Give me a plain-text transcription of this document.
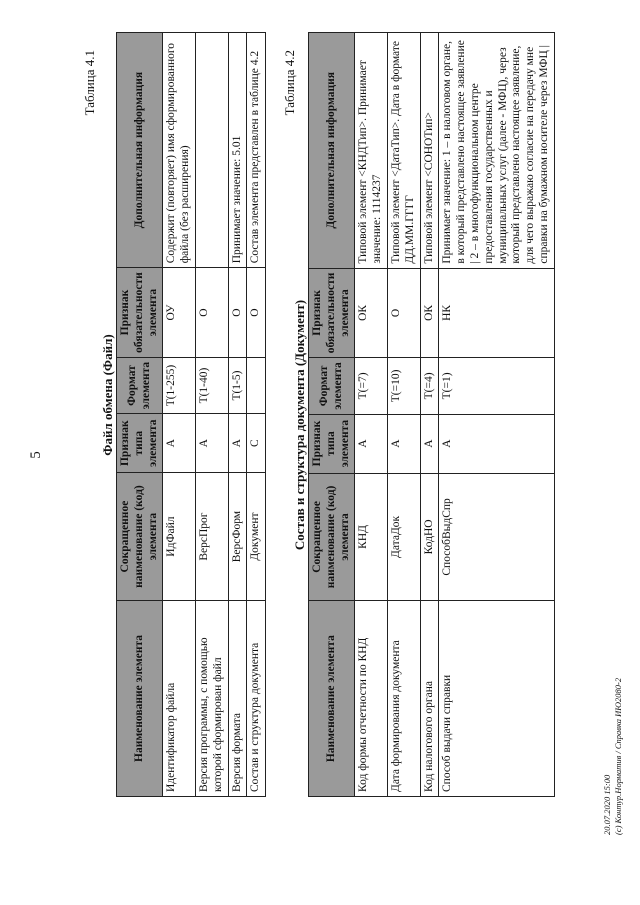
5
Таблица 4.1
Файл обмена (Файл)
Наименование элемента	Сокращенное наименование (код) элемента	Признак типа элемента	Формат элемента	Признак обязательности элемента	Дополнительная информация
Идентификатор файла	ИдФайл	А	Т(1-255)	ОУ	Содержит (повторяет) имя сформированного файла (без расширения)
Версия программы, с помощью которой сформирован файл	ВерсПрог	А	Т(1-40)	О	
Версия формата	ВерсФорм	А	Т(1-5)	О	Принимает значение: 5.01
Состав и структура документа	Документ	С		О	Состав элемента представлен в таблице 4.2 Таблица 4.2
Состав и структура документа (Документ)
Наименование элемента	Сокращенное наименование (код) элемента	Признак типа элемента	Формат элемента	Признак обязательности элемента	Дополнительная информация
Код формы отчетности по КНД	КНД	А	Т(=7)	ОК	Типовой элемент <КНДТип>. Принимает значение: 1114237
Дата формирования документа	ДатаДок	А	Т(=10)	О	Типовой элемент <ДатаТип>. Дата в формате ДД.ММ.ГГГГ
Код налогового органа	КодНО	А	Т(=4)	ОК	Типовой элемент <СОНОТип>
Способ выдачи справки	СпособВыдСпр	А	Т(=1)	НК	Принимает значение: 1 – в налоговом органе, в который представлено настоящее заявление | 2 – в многофункциональном центре предоставления государственных и муниципальных услуг (далее - МФЦ), через который представлено настоящее заявление, для чего выражаю согласие на передачу мне справки на бумажном носителе через МФЦ |
20.07.2020 15:00 (c) Контур.Норматив / Справка ИЮ2080-2
